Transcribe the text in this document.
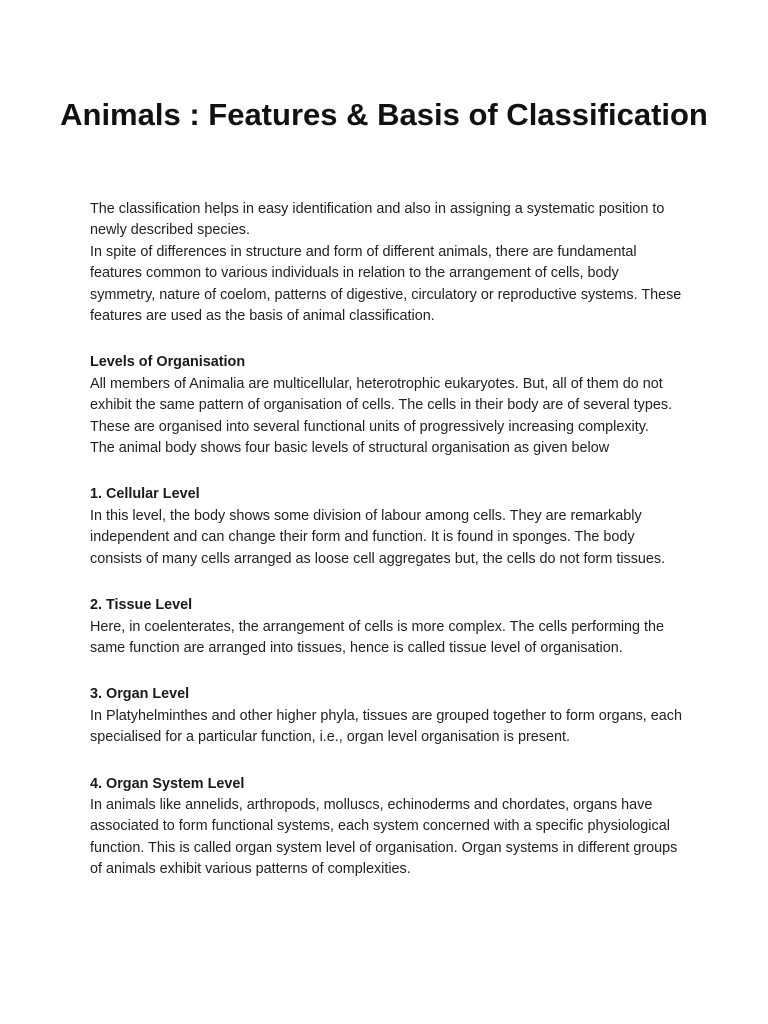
Animals : Features & Basis of Classification

The classification helps in easy identification and also in assigning a systematic position to newly described species.

In spite of differences in structure and form of different animals, there are fundamental features common to various individuals in relation to the arrangement of cells, body symmetry, nature of coelom, patterns of digestive, circulatory or reproductive systems. These features are used as the basis of animal classification.

Levels of Organisation

All members of Animalia are multicellular, heterotrophic eukaryotes. But, all of them do not exhibit the same pattern of organisation of cells. The cells in their body are of several types. These are organised into several functional units of progressively increasing complexity.

The animal body shows four basic levels of structural organisation as given below

1. Cellular Level

In this level, the body shows some division of labour among cells. They are remarkably independent and can change their form and function. It is found in sponges. The body consists of many cells arranged as loose cell aggregates but, the cells do not form tissues.

2. Tissue Level

Here, in coelenterates, the arrangement of cells is more complex. The cells performing the same function are arranged into tissues, hence is called tissue level of organisation.

3. Organ Level

In Platyhelminthes and other higher phyla, tissues are grouped together to form organs, each specialised for a particular function, i.e., organ level organisation is present.

4. Organ System Level

In animals like annelids, arthropods, molluscs, echinoderms and chordates, organs have associated to form functional systems, each system concerned with a specific physiological function. This is called organ system level of organisation. Organ systems in different groups of animals exhibit various patterns of complexities.
